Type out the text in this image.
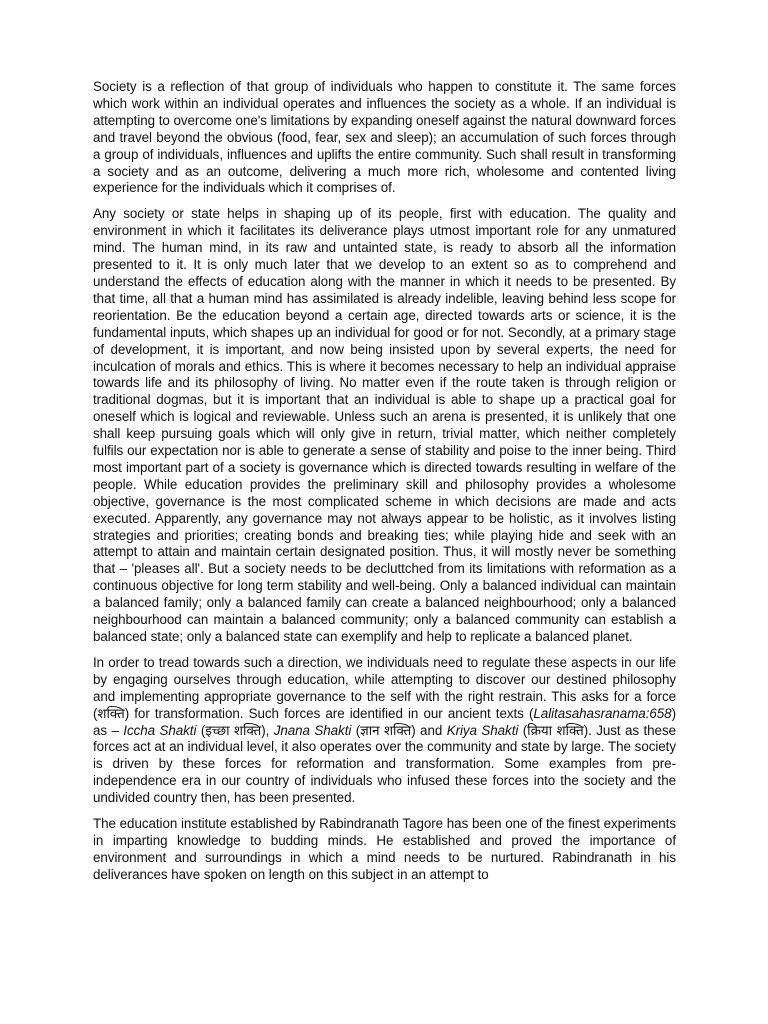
Society is a reflection of that group of individuals who happen to constitute it. The same forces which work within an individual operates and influences the society as a whole. If an individual is attempting to overcome one's limitations by expanding oneself against the natural downward forces and travel beyond the obvious (food, fear, sex and sleep); an accumulation of such forces through a group of individuals, influences and uplifts the entire community. Such shall result in transforming a society and as an outcome, delivering a much more rich, wholesome and contented living experience for the individuals which it comprises of.

Any society or state helps in shaping up of its people, first with education. The quality and environment in which it facilitates its deliverance plays utmost important role for any unmatured mind. The human mind, in its raw and untainted state, is ready to absorb all the information presented to it. It is only much later that we develop to an extent so as to comprehend and understand the effects of education along with the manner in which it needs to be presented. By that time, all that a human mind has assimilated is already indelible, leaving behind less scope for reorientation. Be the education beyond a certain age, directed towards arts or science, it is the fundamental inputs, which shapes up an individual for good or for not. Secondly, at a primary stage of development, it is important, and now being insisted upon by several experts, the need for inculcation of morals and ethics. This is where it becomes necessary to help an individual appraise towards life and its philosophy of living. No matter even if the route taken is through religion or traditional dogmas, but it is important that an individual is able to shape up a practical goal for oneself which is logical and reviewable. Unless such an arena is presented, it is unlikely that one shall keep pursuing goals which will only give in return, trivial matter, which neither completely fulfils our expectation nor is able to generate a sense of stability and poise to the inner being. Third most important part of a society is governance which is directed towards resulting in welfare of the people. While education provides the preliminary skill and philosophy provides a wholesome objective, governance is the most complicated scheme in which decisions are made and acts executed. Apparently, any governance may not always appear to be holistic, as it involves listing strategies and priorities; creating bonds and breaking ties; while playing hide and seek with an attempt to attain and maintain certain designated position. Thus, it will mostly never be something that – 'pleases all'. But a society needs to be decluttched from its limitations with reformation as a continuous objective for long term stability and well-being. Only a balanced individual can maintain a balanced family; only a balanced family can create a balanced neighbourhood; only a balanced neighbourhood can maintain a balanced community; only a balanced community can establish a balanced state; only a balanced state can exemplify and help to replicate a balanced planet.

In order to tread towards such a direction, we individuals need to regulate these aspects in our life by engaging ourselves through education, while attempting to discover our destined philosophy and implementing appropriate governance to the self with the right restrain. This asks for a force (शक्ति) for transformation. Such forces are identified in our ancient texts (Lalitasahasranama:658) as – Iccha Shakti (इच्छा शक्ति), Jnana Shakti (ज्ञान शक्ति) and Kriya Shakti (क्रिया शक्ति). Just as these forces act at an individual level, it also operates over the community and state by large. The society is driven by these forces for reformation and transformation. Some examples from pre-independence era in our country of individuals who infused these forces into the society and the undivided country then, has been presented.

The education institute established by Rabindranath Tagore has been one of the finest experiments in imparting knowledge to budding minds. He established and proved the importance of environment and surroundings in which a mind needs to be nurtured. Rabindranath in his deliverances have spoken on length on this subject in an attempt to
